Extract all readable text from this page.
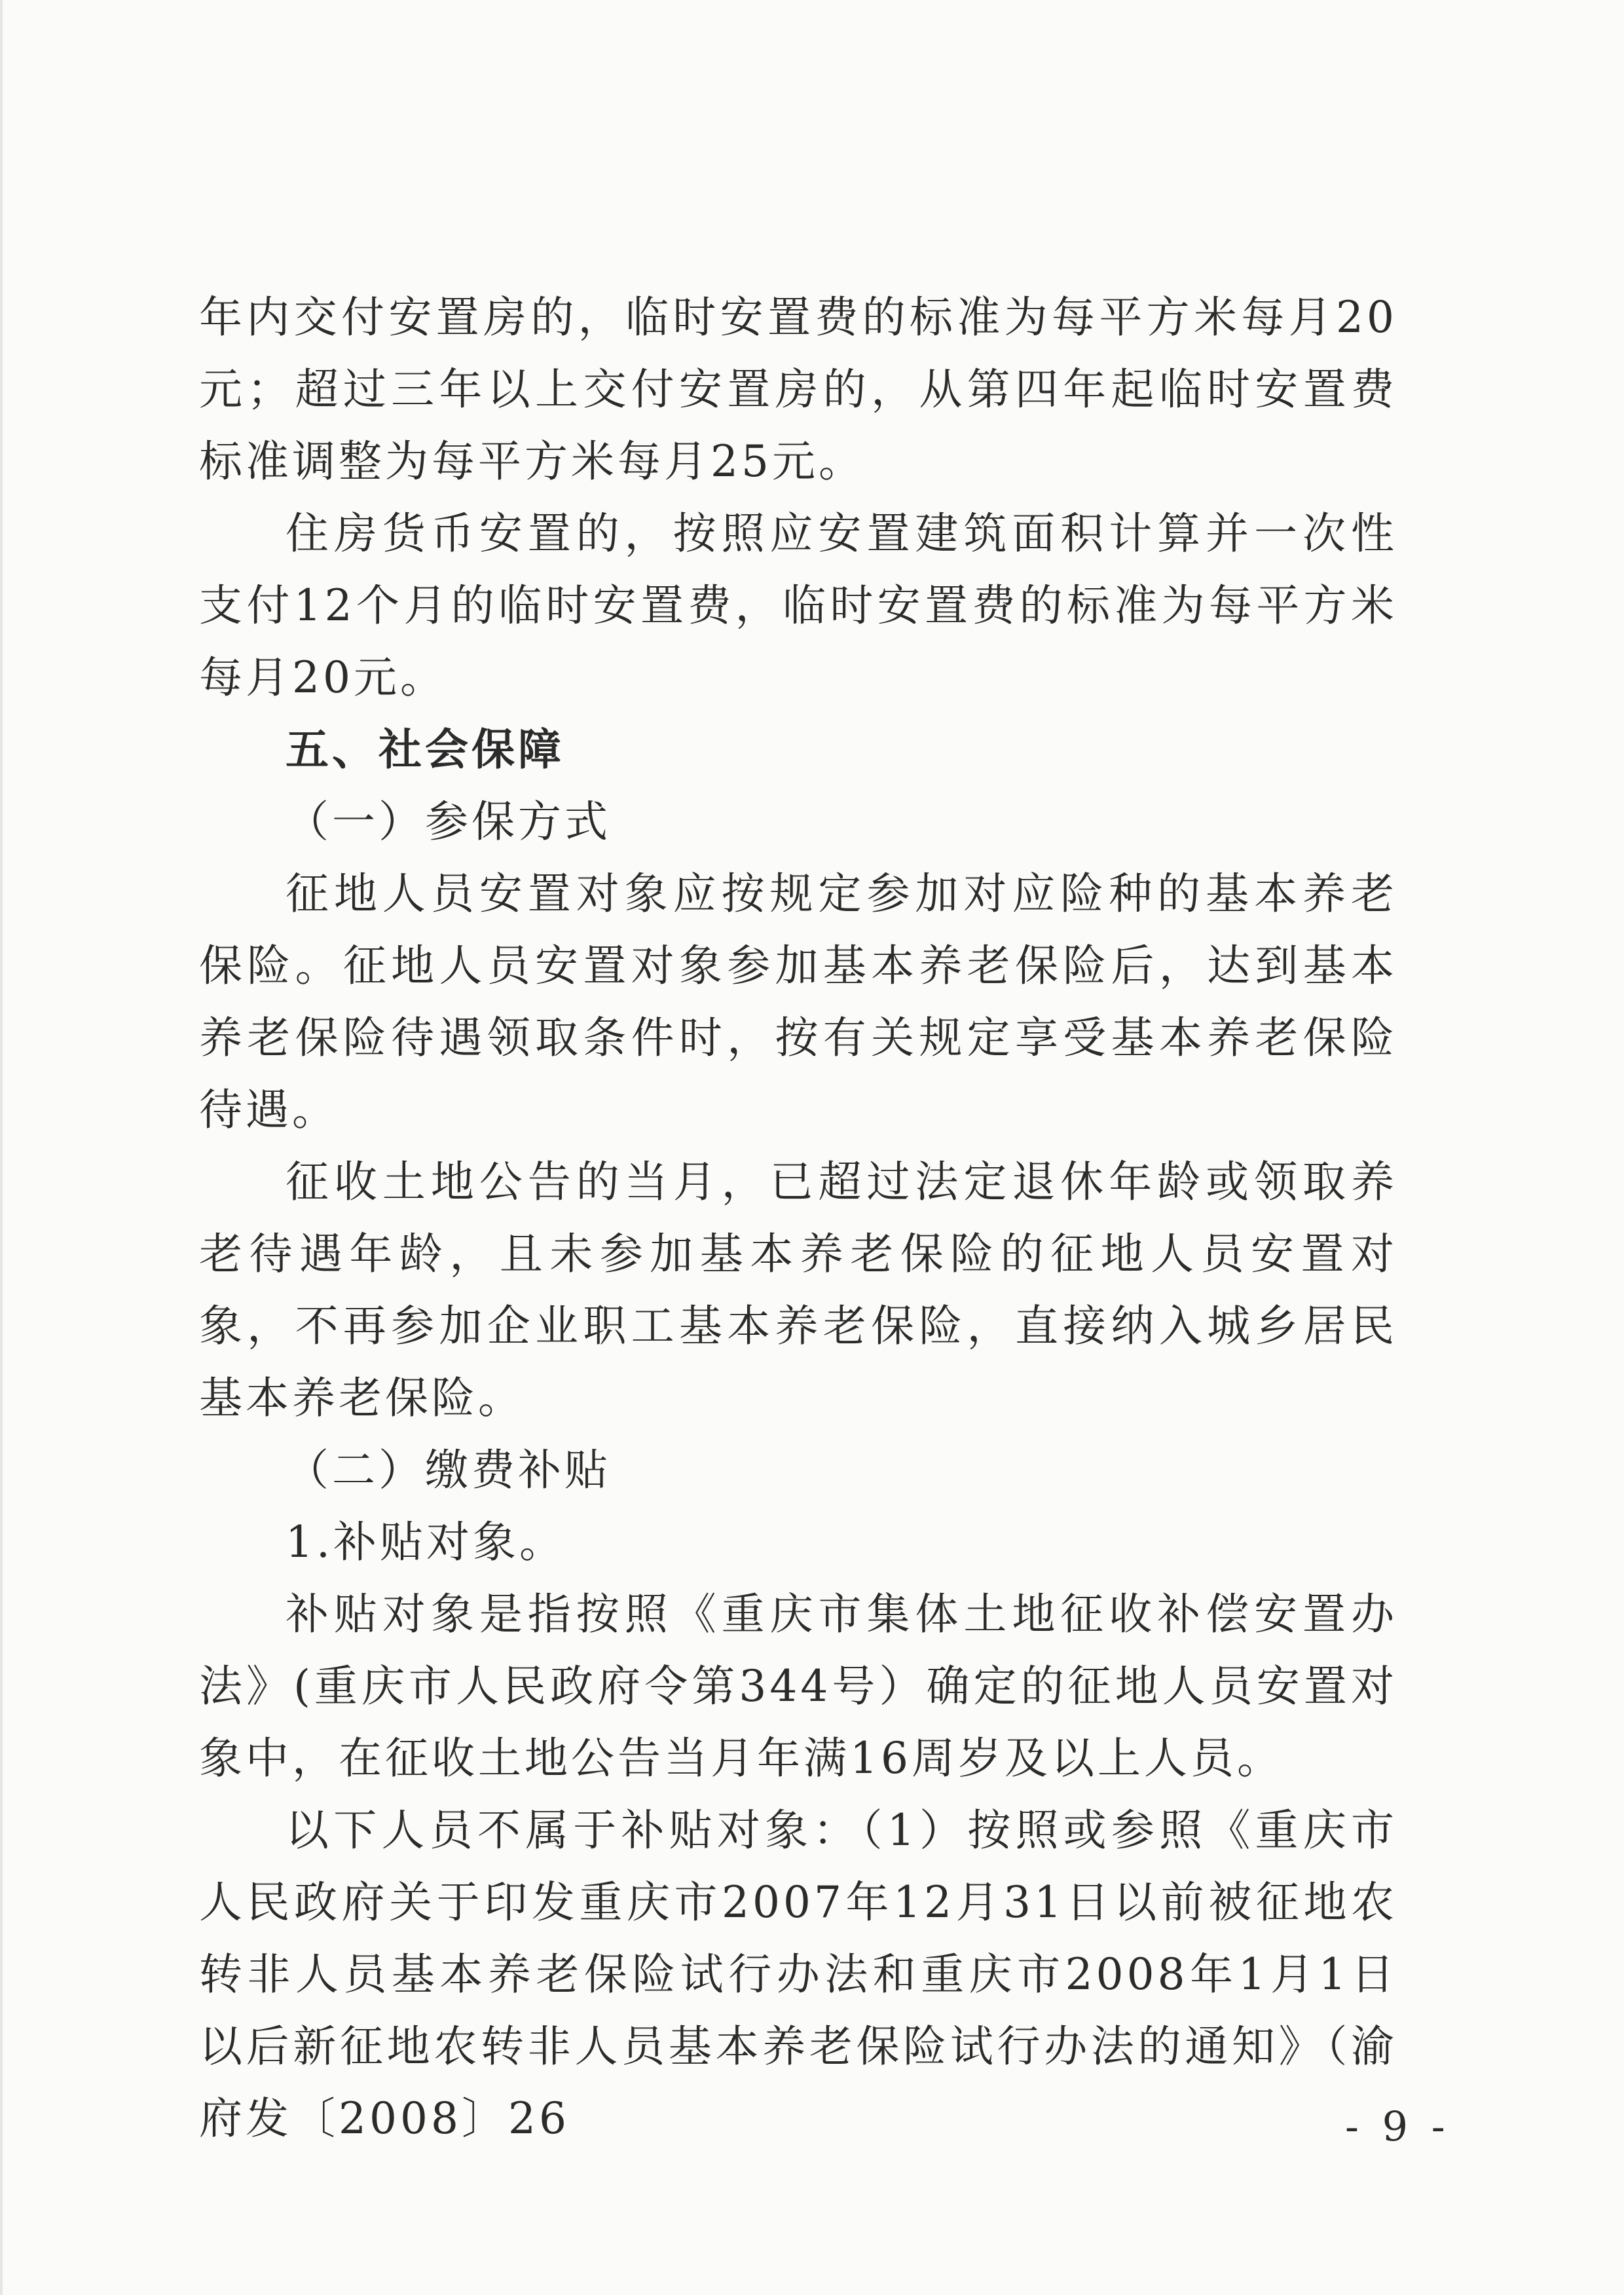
年内交付安置房的，临时安置费的标准为每平方米每月20元；超过三年以上交付安置房的，从第四年起临时安置费标准调整为每平方米每月25元。

住房货币安置的，按照应安置建筑面积计算并一次性支付12个月的临时安置费，临时安置费的标准为每平方米每月20元。

五、社会保障

（一）参保方式

征地人员安置对象应按规定参加对应险种的基本养老保险。征地人员安置对象参加基本养老保险后，达到基本养老保险待遇领取条件时，按有关规定享受基本养老保险待遇。

征收土地公告的当月，已超过法定退休年龄或领取养老待遇年龄，且未参加基本养老保险的征地人员安置对象，不再参加企业职工基本养老保险，直接纳入城乡居民基本养老保险。

（二）缴费补贴

1.补贴对象。

补贴对象是指按照《重庆市集体土地征收补偿安置办法》(重庆市人民政府令第344号）确定的征地人员安置对象中，在征收土地公告当月年满16周岁及以上人员。

以下人员不属于补贴对象：（1）按照或参照《重庆市人民政府关于印发重庆市2007年12月31日以前被征地农转非人员基本养老保险试行办法和重庆市2008年1月1日以后新征地农转非人员基本养老保险试行办法的通知》（渝府发〔2008〕26	- 9 -
